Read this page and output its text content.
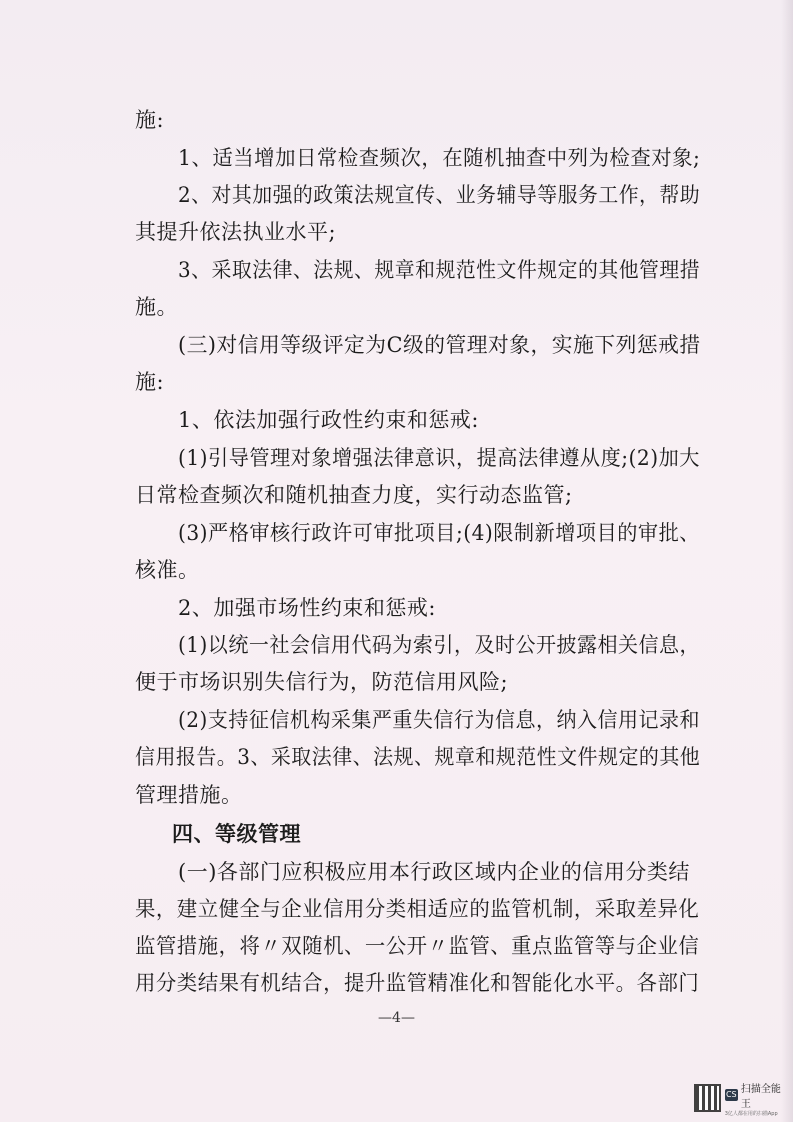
施:
1、适当增加日常检查频次，在随机抽查中列为检查对象;
2、对其加强的政策法规宣传、业务辅导等服务工作，帮助
其提升依法执业水平;
3、采取法律、法规、规章和规范性文件规定的其他管理措
施。
(三)对信用等级评定为C级的管理对象，实施下列惩戒措
施:
1、依法加强行政性约束和惩戒:
(1)引导管理对象增强法律意识，提高法律遵从度;(2)加大
日常检查频次和随机抽查力度，实行动态监管;
(3)严格审核行政许可审批项目;(4)限制新增项目的审批、
核准。
2、加强市场性约束和惩戒:
(1)以统一社会信用代码为索引，及时公开披露相关信息，
便于市场识别失信行为，防范信用风险;
(2)支持征信机构采集严重失信行为信息，纳入信用记录和
信用报告。3、采取法律、法规、规章和规范性文件规定的其他
管理措施。
四、等级管理
(一)各部门应积极应用本行政区域内企业的信用分类结
果，建立健全与企业信用分类相适应的监管机制，采取差异化
监管措施，将〃双随机、一公开〃监管、重点监管等与企业信
用分类结果有机结合，提升监管精准化和智能化水平。各部门
—4—
CS 扫描全能王
3亿人都在用的扫描App
